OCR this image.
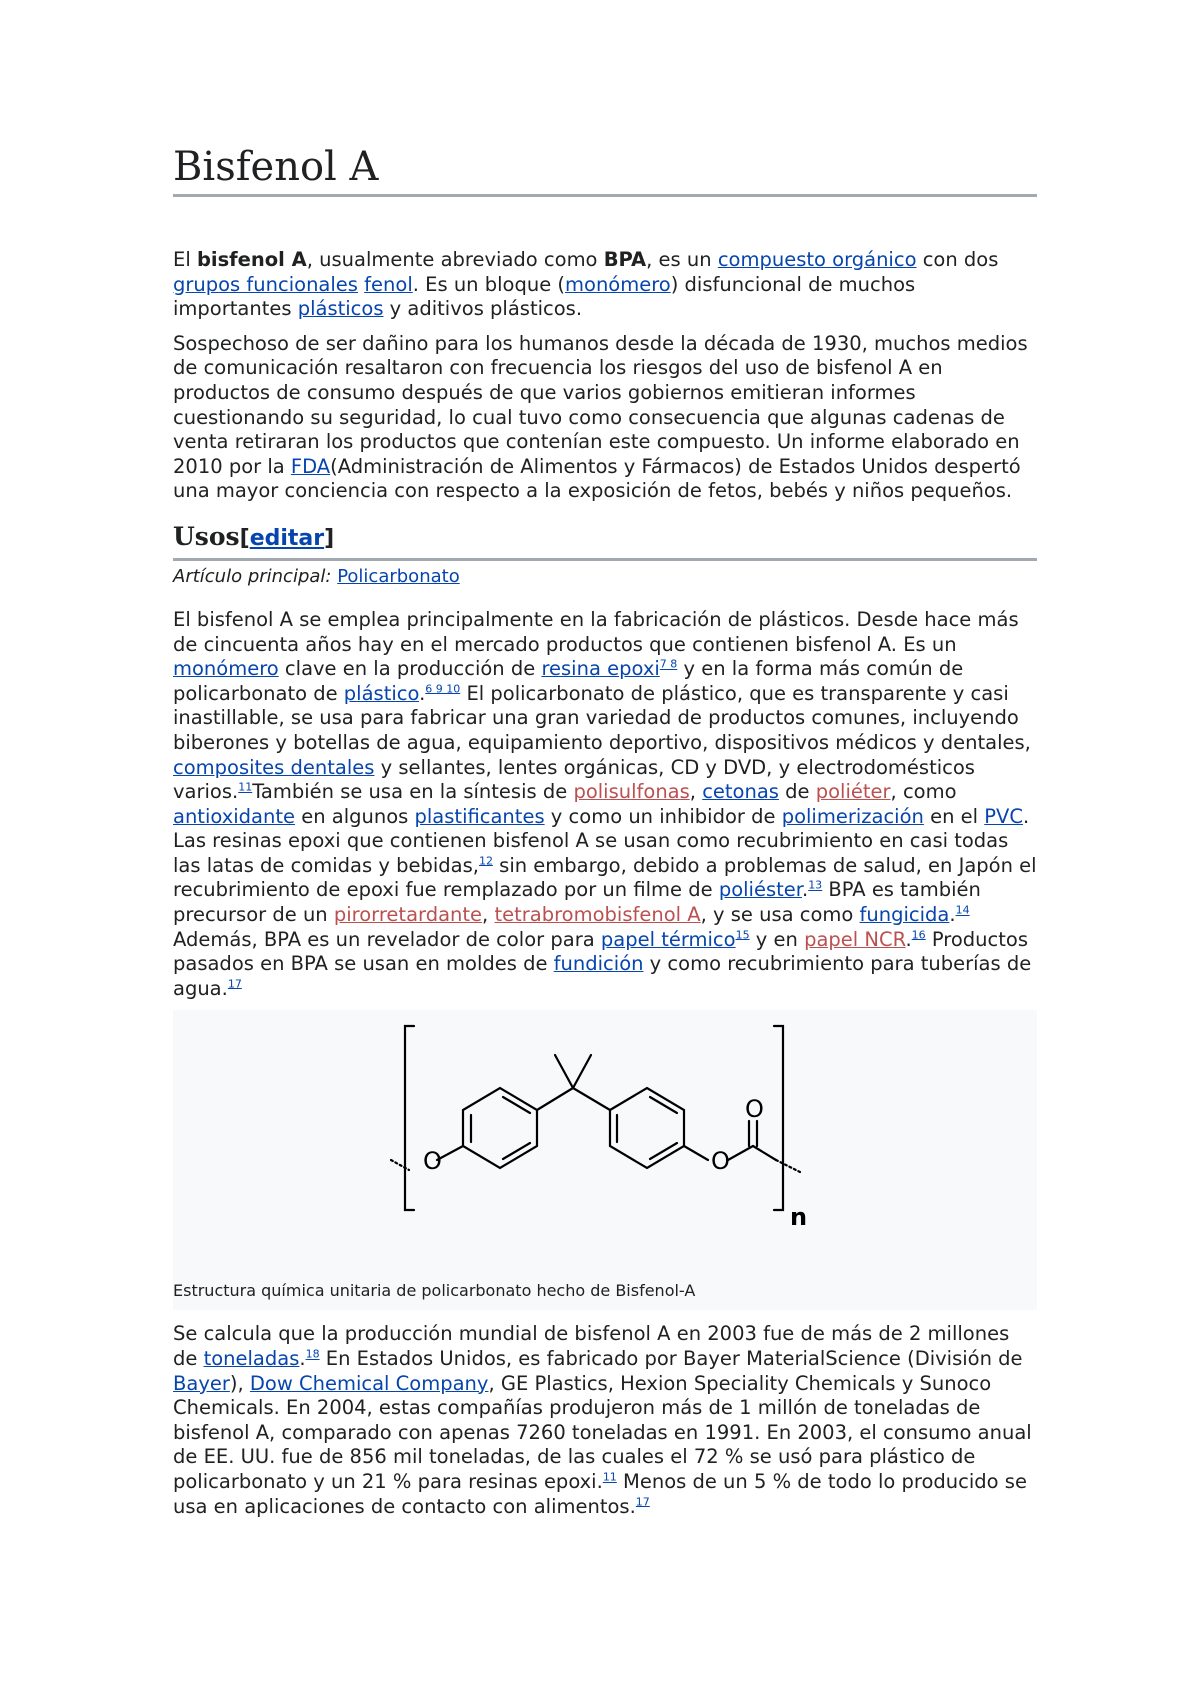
Bisfenol A

El bisfenol A, usualmente abreviado como BPA, es un compuesto orgánico con dos grupos funcionales fenol. Es un bloque (monómero) disfuncional de muchos importantes plásticos y aditivos plásticos.

Sospechoso de ser dañino para los humanos desde la década de 1930, muchos medios de comunicación resaltaron con frecuencia los riesgos del uso de bisfenol A en productos de consumo después de que varios gobiernos emitieran informes cuestionando su seguridad, lo cual tuvo como consecuencia que algunas cadenas de venta retiraran los productos que contenían este compuesto. Un informe elaborado en 2010 por la FDA(Administración de Alimentos y Fármacos) de Estados Unidos despertó una mayor conciencia con respecto a la exposición de fetos, bebés y niños pequeños.

Usos[editar]
Artículo principal: Policarbonato

El bisfenol A se emplea principalmente en la fabricación de plásticos. Desde hace más de cincuenta años hay en el mercado productos que contienen bisfenol A. Es un monómero clave en la producción de resina epoxi$^{7 8}$ y en la forma más común de policarbonato de plástico.$^{6 9 10}$ El policarbonato de plástico, que es transparente y casi inastillable, se usa para fabricar una gran variedad de productos comunes, incluyendo biberones y botellas de agua, equipamiento deportivo, dispositivos médicos y dentales, composites dentales y sellantes, lentes orgánicas, CD y DVD, y electrodomésticos varios.$^{11}$También se usa en la síntesis de polisulfonas, cetonas de poliéter, como antioxidante en algunos plastificantes y como un inhibidor de polimerización en el PVC. Las resinas epoxi que contienen bisfenol A se usan como recubrimiento en casi todas las latas de comidas y bebidas,$^{12}$ sin embargo, debido a problemas de salud, en Japón el recubrimiento de epoxi fue remplazado por un filme de poliéster.$^{13}$ BPA es también precursor de un pirorretardante, tetrabromobisfenol A, y se usa como fungicida.$^{14}$ Además, BPA es un revelador de color para papel térmico$^{15}$ y en papel NCR.$^{16}$ Productos pasados en BPA se usan en moldes de fundición y como recubrimiento para tuberías de agua.$^{17}$

O	O
O
n
Estructura química unitaria de policarbonato hecho de Bisfenol-A

Se calcula que la producción mundial de bisfenol A en 2003 fue de más de 2 millones de toneladas.$^{18}$ En Estados Unidos, es fabricado por Bayer MaterialScience (División de Bayer), Dow Chemical Company, GE Plastics, Hexion Speciality Chemicals y Sunoco Chemicals. En 2004, estas compañías produjeron más de 1 millón de toneladas de bisfenol A, comparado con apenas 7260 toneladas en 1991. En 2003, el consumo anual de EE. UU. fue de 856 mil toneladas, de las cuales el 72 % se usó para plástico de policarbonato y un 21 % para resinas epoxi.$^{11}$ Menos de un 5 % de todo lo producido se usa en aplicaciones de contacto con alimentos.$^{17}$
